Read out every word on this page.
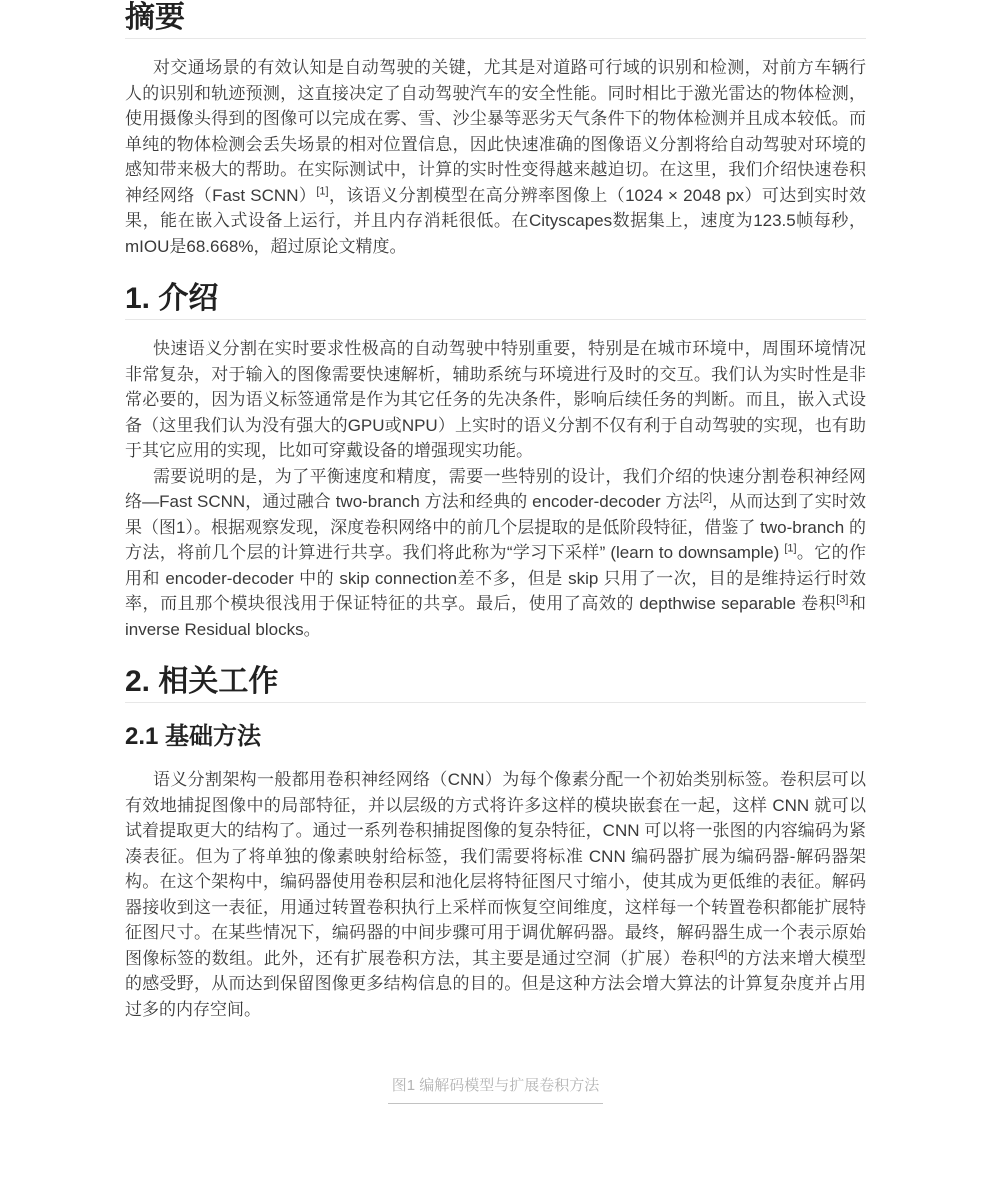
摘要

对交通场景的有效认知是自动驾驶的关键，尤其是对道路可行域的识别和检测，对前方车辆行人的识别和轨迹预测，这直接决定了自动驾驶汽车的安全性能。同时相比于激光雷达的物体检测，使用摄像头得到的图像可以完成在雾、雪、沙尘暴等恶劣天气条件下的物体检测并且成本较低。而单纯的物体检测会丢失场景的相对位置信息，因此快速准确的图像语义分割将给自动驾驶对环境的感知带来极大的帮助。在实际测试中，计算的实时性变得越来越迫切。在这里，我们介绍快速卷积神经网络（Fast SCNN）[1]，该语义分割模型在高分辨率图像上（1024 × 2048 px）可达到实时效果，能在嵌入式设备上运行，并且内存消耗很低。在Cityscapes数据集上，速度为123.5帧每秒，mIOU是68.668%，超过原论文精度。

1. 介绍

快速语义分割在实时要求性极高的自动驾驶中特别重要，特别是在城市环境中，周围环境情况非常复杂，对于输入的图像需要快速解析，辅助系统与环境进行及时的交互。我们认为实时性是非常必要的，因为语义标签通常是作为其它任务的先决条件，影响后续任务的判断。而且，嵌入式设备（这里我们认为没有强大的GPU或NPU）上实时的语义分割不仅有利于自动驾驶的实现，也有助于其它应用的实现，比如可穿戴设备的增强现实功能。

需要说明的是，为了平衡速度和精度，需要一些特别的设计，我们介绍的快速分割卷积神经网络—Fast SCNN，通过融合 two-branch 方法和经典的 encoder-decoder 方法[2]，从而达到了实时效果（图1）。根据观察发现，深度卷积网络中的前几个层提取的是低阶段特征，借鉴了 two-branch 的方法，将前几个层的计算进行共享。我们将此称为“学习下采样” (learn to downsample) [1]。它的作用和 encoder-decoder 中的 skip connection差不多，但是 skip 只用了一次，目的是维持运行时效率，而且那个模块很浅用于保证特征的共享。最后，使用了高效的 depthwise separable 卷积[3]和 inverse Residual blocks。

2. 相关工作
2.1 基础方法

语义分割架构一般都用卷积神经网络（CNN）为每个像素分配一个初始类别标签。卷积层可以有效地捕捉图像中的局部特征，并以层级的方式将许多这样的模块嵌套在一起，这样 CNN 就可以试着提取更大的结构了。通过一系列卷积捕捉图像的复杂特征，CNN 可以将一张图的内容编码为紧凑表征。但为了将单独的像素映射给标签，我们需要将标准 CNN 编码器扩展为编码器-解码器架构。在这个架构中，编码器使用卷积层和池化层将特征图尺寸缩小，使其成为更低维的表征。解码器接收到这一表征，用通过转置卷积执行上采样而恢复空间维度，这样每一个转置卷积都能扩展特征图尺寸。在某些情况下，编码器的中间步骤可用于调优解码器。最终，解码器生成一个表示原始图像标签的数组。此外，还有扩展卷积方法，其主要是通过空洞（扩展）卷积[4]的方法来增大模型的感受野，从而达到保留图像更多结构信息的目的。但是这种方法会增大算法的计算复杂度并占用过多的内存空间。

图1 编解码模型与扩展卷积方法
